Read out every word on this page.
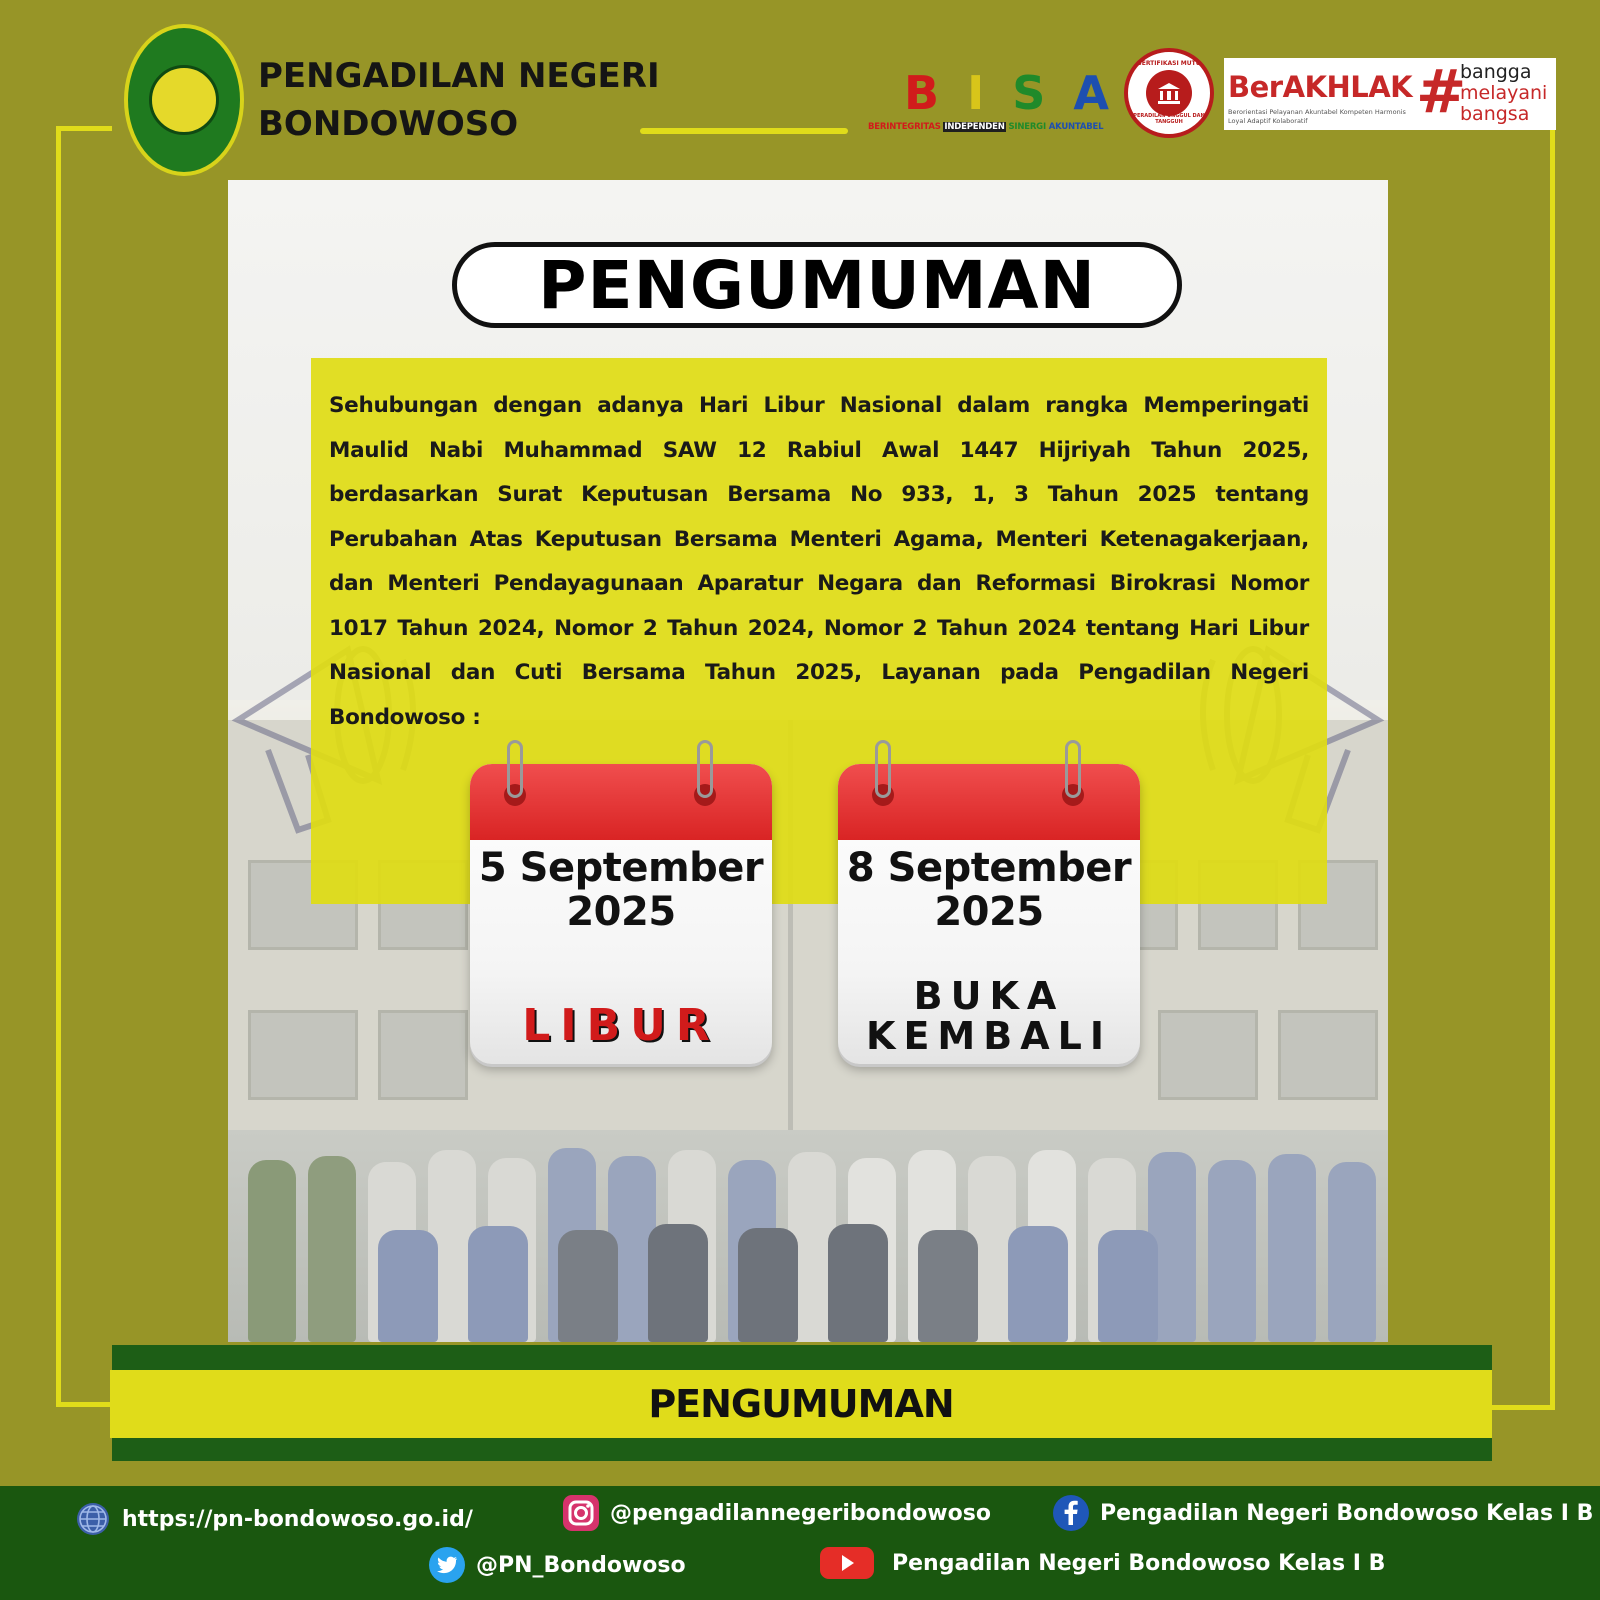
PENGADILAN NEGERI BONDOWOSO
B I S A
BERINTEGRITAS INDEPENDEN SINERGI AKUNTABEL
SERTIFIKASI MUTU
PERADILAN UNGGUL DAN TANGGUH
BerAKHLAK
Berorientasi Pelayanan Akuntabel Kompeten Harmonis Loyal Adaptif Kolaboratif	#
bangga
melayani
bangsa
PENGUMUMAN

Sehubungan dengan adanya Hari Libur Nasional dalam rangka Memperingati Maulid Nabi Muhammad SAW 12 Rabiul Awal 1447 Hijriyah Tahun 2025, berdasarkan Surat Keputusan Bersama No 933, 1, 3 Tahun 2025 tentang Perubahan Atas Keputusan Bersama Menteri Agama, Menteri Ketenagakerjaan, dan Menteri Pendayagunaan Aparatur Negara dan Reformasi Birokrasi Nomor 1017 Tahun 2024, Nomor 2 Tahun 2024, Nomor 2 Tahun 2024 tentang Hari Libur Nasional dan Cuti Bersama Tahun 2025, Layanan pada Pengadilan Negeri Bondowoso :

5 September
2025
LIBUR
8 September
2025
BUKA
KEMBALI
PENGUMUMAN
https://pn-bondowoso.go.id/	@pengadilannegeribondowoso	Pengadilan Negeri Bondowoso Kelas I B
@PN_Bondowoso	Pengadilan Negeri Bondowoso Kelas I B
